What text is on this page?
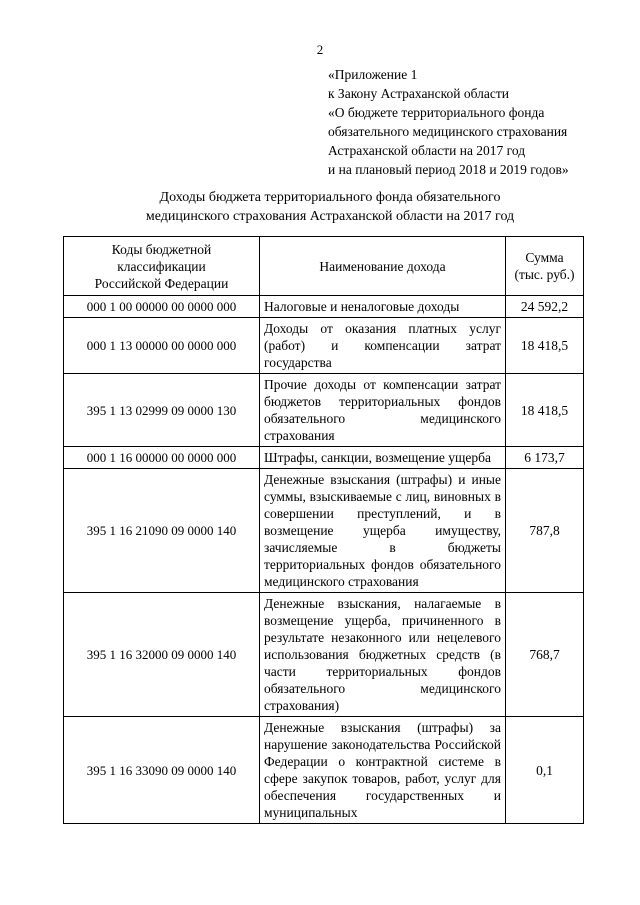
2
«Приложение 1
к Закону Астраханской области
«О бюджете территориального фонда
обязательного медицинского страхования
Астраханской области на 2017 год
и на плановый период 2018 и 2019 годов»
Доходы бюджета территориального фонда обязательного
медицинского страхования Астраханской области на 2017 год
Коды бюджетной
классификации
Российской Федерации	Наименование дохода	Сумма
(тыс. руб.)

000 1 00 00000 00 0000 000	Налоговые и неналоговые доходы	24 592,2
000 1 13 00000 00 0000 000	Доходы от оказания платных услуг (работ) и компенсации затрат государства	18 418,5
395 1 13 02999 09 0000 130	Прочие доходы от компенсации затрат бюджетов территориальных фондов обязательного медицинского страхования	18 418,5
000 1 16 00000 00 0000 000	Штрафы, санкции, возмещение ущерба	6 173,7
395 1 16 21090 09 0000 140	Денежные взыскания (штрафы) и иные суммы, взыскиваемые с лиц, виновных в совершении преступлений, и в возмещение ущерба имуществу, зачисляемые в бюджеты территориальных фондов обязательного медицинского страхования	787,8
395 1 16 32000 09 0000 140	Денежные взыскания, налагаемые в возмещение ущерба, причиненного в результате незаконного или нецелевого использования бюджетных средств (в части территориальных фондов обязательного медицинского страхования)	768,7
395 1 16 33090 09 0000 140	Денежные взыскания (штрафы) за нарушение законодательства Российской Федерации о контрактной системе в сфере закупок товаров, работ, услуг для обеспечения государственных и муниципальных	0,1
